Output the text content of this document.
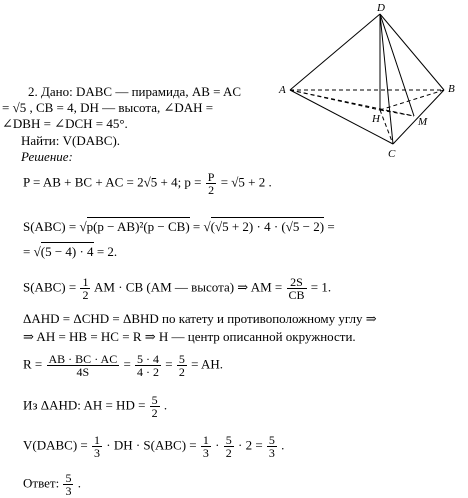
D
A	B
H	M
C
2. Дано: DABC — пирамида, AB = AC
= √5 , CB = 4, DH — высота, ∠DAH =
∠DBH = ∠DCH = 45°.
Найти: V(DABC).
Решение:
P = AB + BC + AC = 2√5 + 4; $p = \frac{P}{2} = √5 + 2$ .
S(ABC) = √p(p − AB)²(p − CB) = √(√5 + 2) · 4 · (√5 − 2) =
= √(5 − 4) · 4 = 2.
$S(ABC) = \frac{1}{2}$ AM · CB (AM — высота) ⇒ AM = $\frac{2S}{CB} = 1$.
ΔAHD = ΔCHD = ΔBHD по катету и противоположному углу ⇒
⇒ AH = HB = HC = R ⇒ H — центр описанной окружности.
$R = \frac{AB \cdot BC \cdot AC}{4S} = \frac{5 \cdot 4}{4 \cdot 2} = \frac{5}{2}$ = AH.
Из ΔAHD: AH = HD = $\frac{5}{2}$ .
V(DABC) = $\frac{1}{3}$ · DH · $S(ABC) = \frac{1}{3} \cdot \frac{5}{2} \cdot 2 = \frac{5}{3}$ .
Ответ: $\frac{5}{3}$ .
